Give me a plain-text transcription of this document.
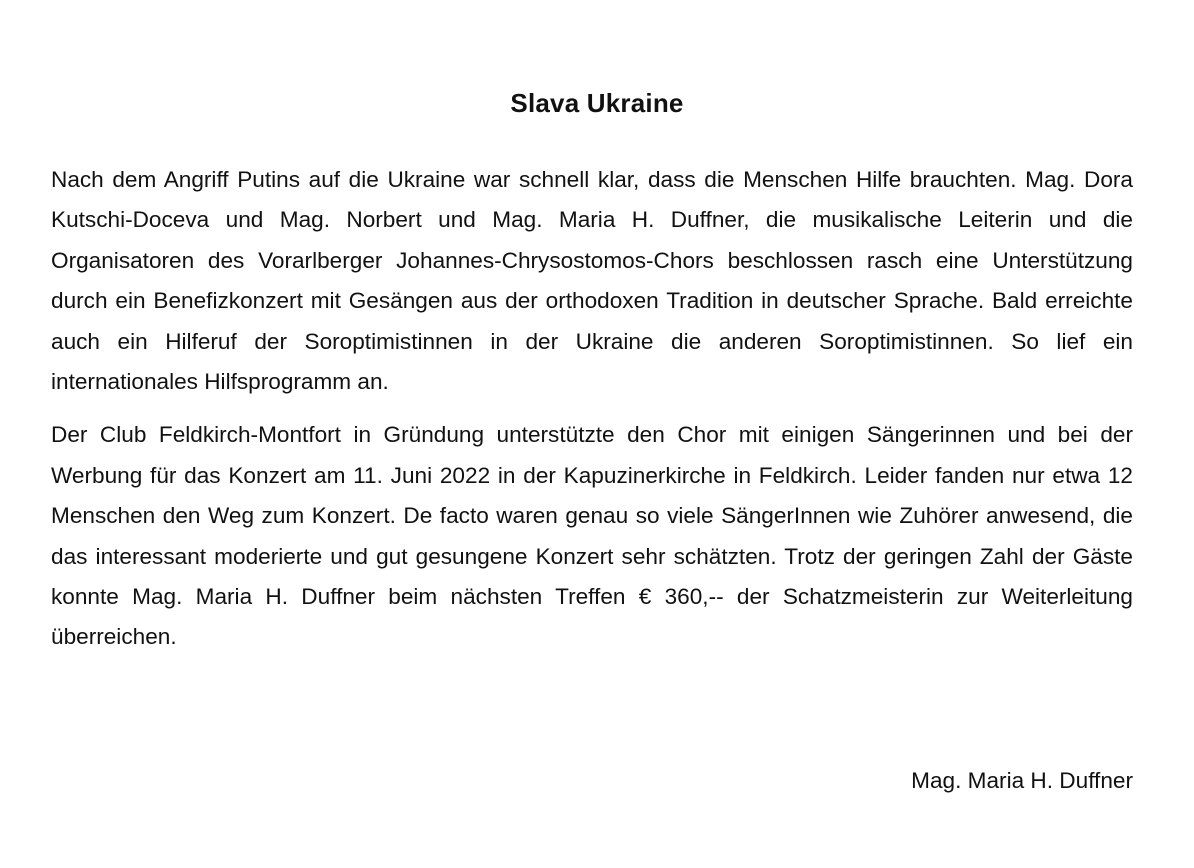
Slava Ukraine

Nach dem Angriff Putins auf die Ukraine war schnell klar, dass die Menschen Hilfe brauchten. Mag. Dora Kutschi-Doceva und Mag. Norbert und Mag. Maria H. Duffner, die musikalische Leiterin und die Organisatoren des Vorarlberger Johannes-Chrysostomos-Chors beschlossen rasch eine Unterstützung durch ein Benefizkonzert mit Gesängen aus der orthodoxen Tradition in deutscher Sprache. Bald erreichte auch ein Hilferuf der Soroptimistinnen in der Ukraine die anderen Soroptimistinnen. So lief ein internationales Hilfsprogramm an.

Der Club Feldkirch-Montfort in Gründung unterstützte den Chor mit einigen Sängerinnen und bei der Werbung für das Konzert am 11. Juni 2022 in der Kapuzinerkirche in Feldkirch. Leider fanden nur etwa 12 Menschen den Weg zum Konzert. De facto waren genau so viele SängerInnen wie Zuhörer anwesend, die das interessant moderierte und gut gesungene Konzert sehr schätzten. Trotz der geringen Zahl der Gäste konnte Mag. Maria H. Duffner beim nächsten Treffen € 360,-- der Schatzmeisterin zur Weiterleitung überreichen.

Mag. Maria H. Duffner
